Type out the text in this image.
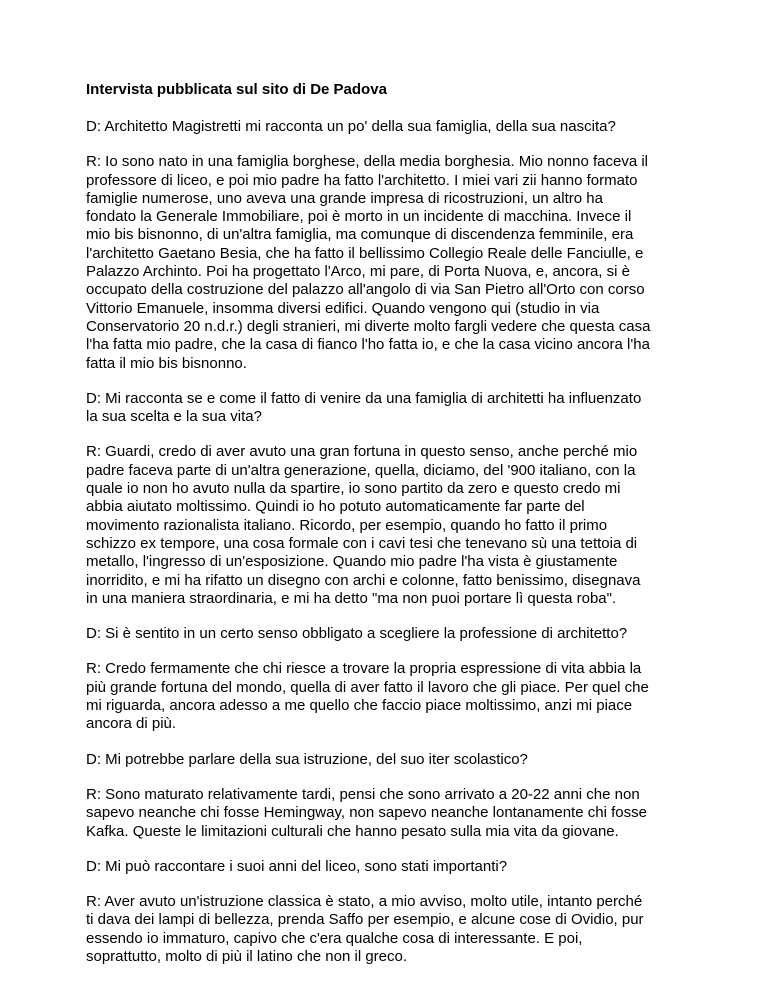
Intervista pubblicata sul sito di De Padova

D: Architetto Magistretti mi racconta un po' della sua famiglia, della sua nascita?

R: Io sono nato in una famiglia borghese, della media borghesia. Mio nonno faceva il
professore di liceo, e poi mio padre ha fatto l'architetto. I miei vari zii hanno formato
famiglie numerose, uno aveva una grande impresa di ricostruzioni, un altro ha
fondato la Generale Immobiliare, poi è morto in un incidente di macchina. Invece il
mio bis bisnonno, di un'altra famiglia, ma comunque di discendenza femminile, era
l'architetto Gaetano Besia, che ha fatto il bellissimo Collegio Reale delle Fanciulle, e
Palazzo Archinto. Poi ha progettato l'Arco, mi pare, di Porta Nuova, e, ancora, si è
occupato della costruzione del palazzo all'angolo di via San Pietro all'Orto con corso
Vittorio Emanuele, insomma diversi edifici. Quando vengono qui (studio in via
Conservatorio 20 n.d.r.) degli stranieri, mi diverte molto fargli vedere che questa casa
l'ha fatta mio padre, che la casa di fianco l'ho fatta io, e che la casa vicino ancora l'ha
fatta il mio bis bisnonno.

D: Mi racconta se e come il fatto di venire da una famiglia di architetti ha influenzato
la sua scelta e la sua vita?

R: Guardi, credo di aver avuto una gran fortuna in questo senso, anche perché mio
padre faceva parte di un'altra generazione, quella, diciamo, del '900 italiano, con la
quale io non ho avuto nulla da spartire, io sono partito da zero e questo credo mi
abbia aiutato moltissimo. Quindi io ho potuto automaticamente far parte del
movimento razionalista italiano. Ricordo, per esempio, quando ho fatto il primo
schizzo ex tempore, una cosa formale con i cavi tesi che tenevano sù una tettoia di
metallo, l'ingresso di un'esposizione. Quando mio padre l'ha vista è giustamente
inorridito, e mi ha rifatto un disegno con archi e colonne, fatto benissimo, disegnava
in una maniera straordinaria, e mi ha detto "ma non puoi portare lì questa roba".

D: Si è sentito in un certo senso obbligato a scegliere la professione di architetto?

R: Credo fermamente che chi riesce a trovare la propria espressione di vita abbia la
più grande fortuna del mondo, quella di aver fatto il lavoro che gli piace. Per quel che
mi riguarda, ancora adesso a me quello che faccio piace moltissimo, anzi mi piace
ancora di più.

D: Mi potrebbe parlare della sua istruzione, del suo iter scolastico?

R: Sono maturato relativamente tardi, pensi che sono arrivato a 20-22 anni che non
sapevo neanche chi fosse Hemingway, non sapevo neanche lontanamente chi fosse
Kafka. Queste le limitazioni culturali che hanno pesato sulla mia vita da giovane.

D: Mi può raccontare i suoi anni del liceo, sono stati importanti?

R: Aver avuto un'istruzione classica è stato, a mio avviso, molto utile, intanto perché
ti dava dei lampi di bellezza, prenda Saffo per esempio, e alcune cose di Ovidio, pur
essendo io immaturo, capivo che c'era qualche cosa di interessante. E poi,
soprattutto, molto di più il latino che non il greco.
